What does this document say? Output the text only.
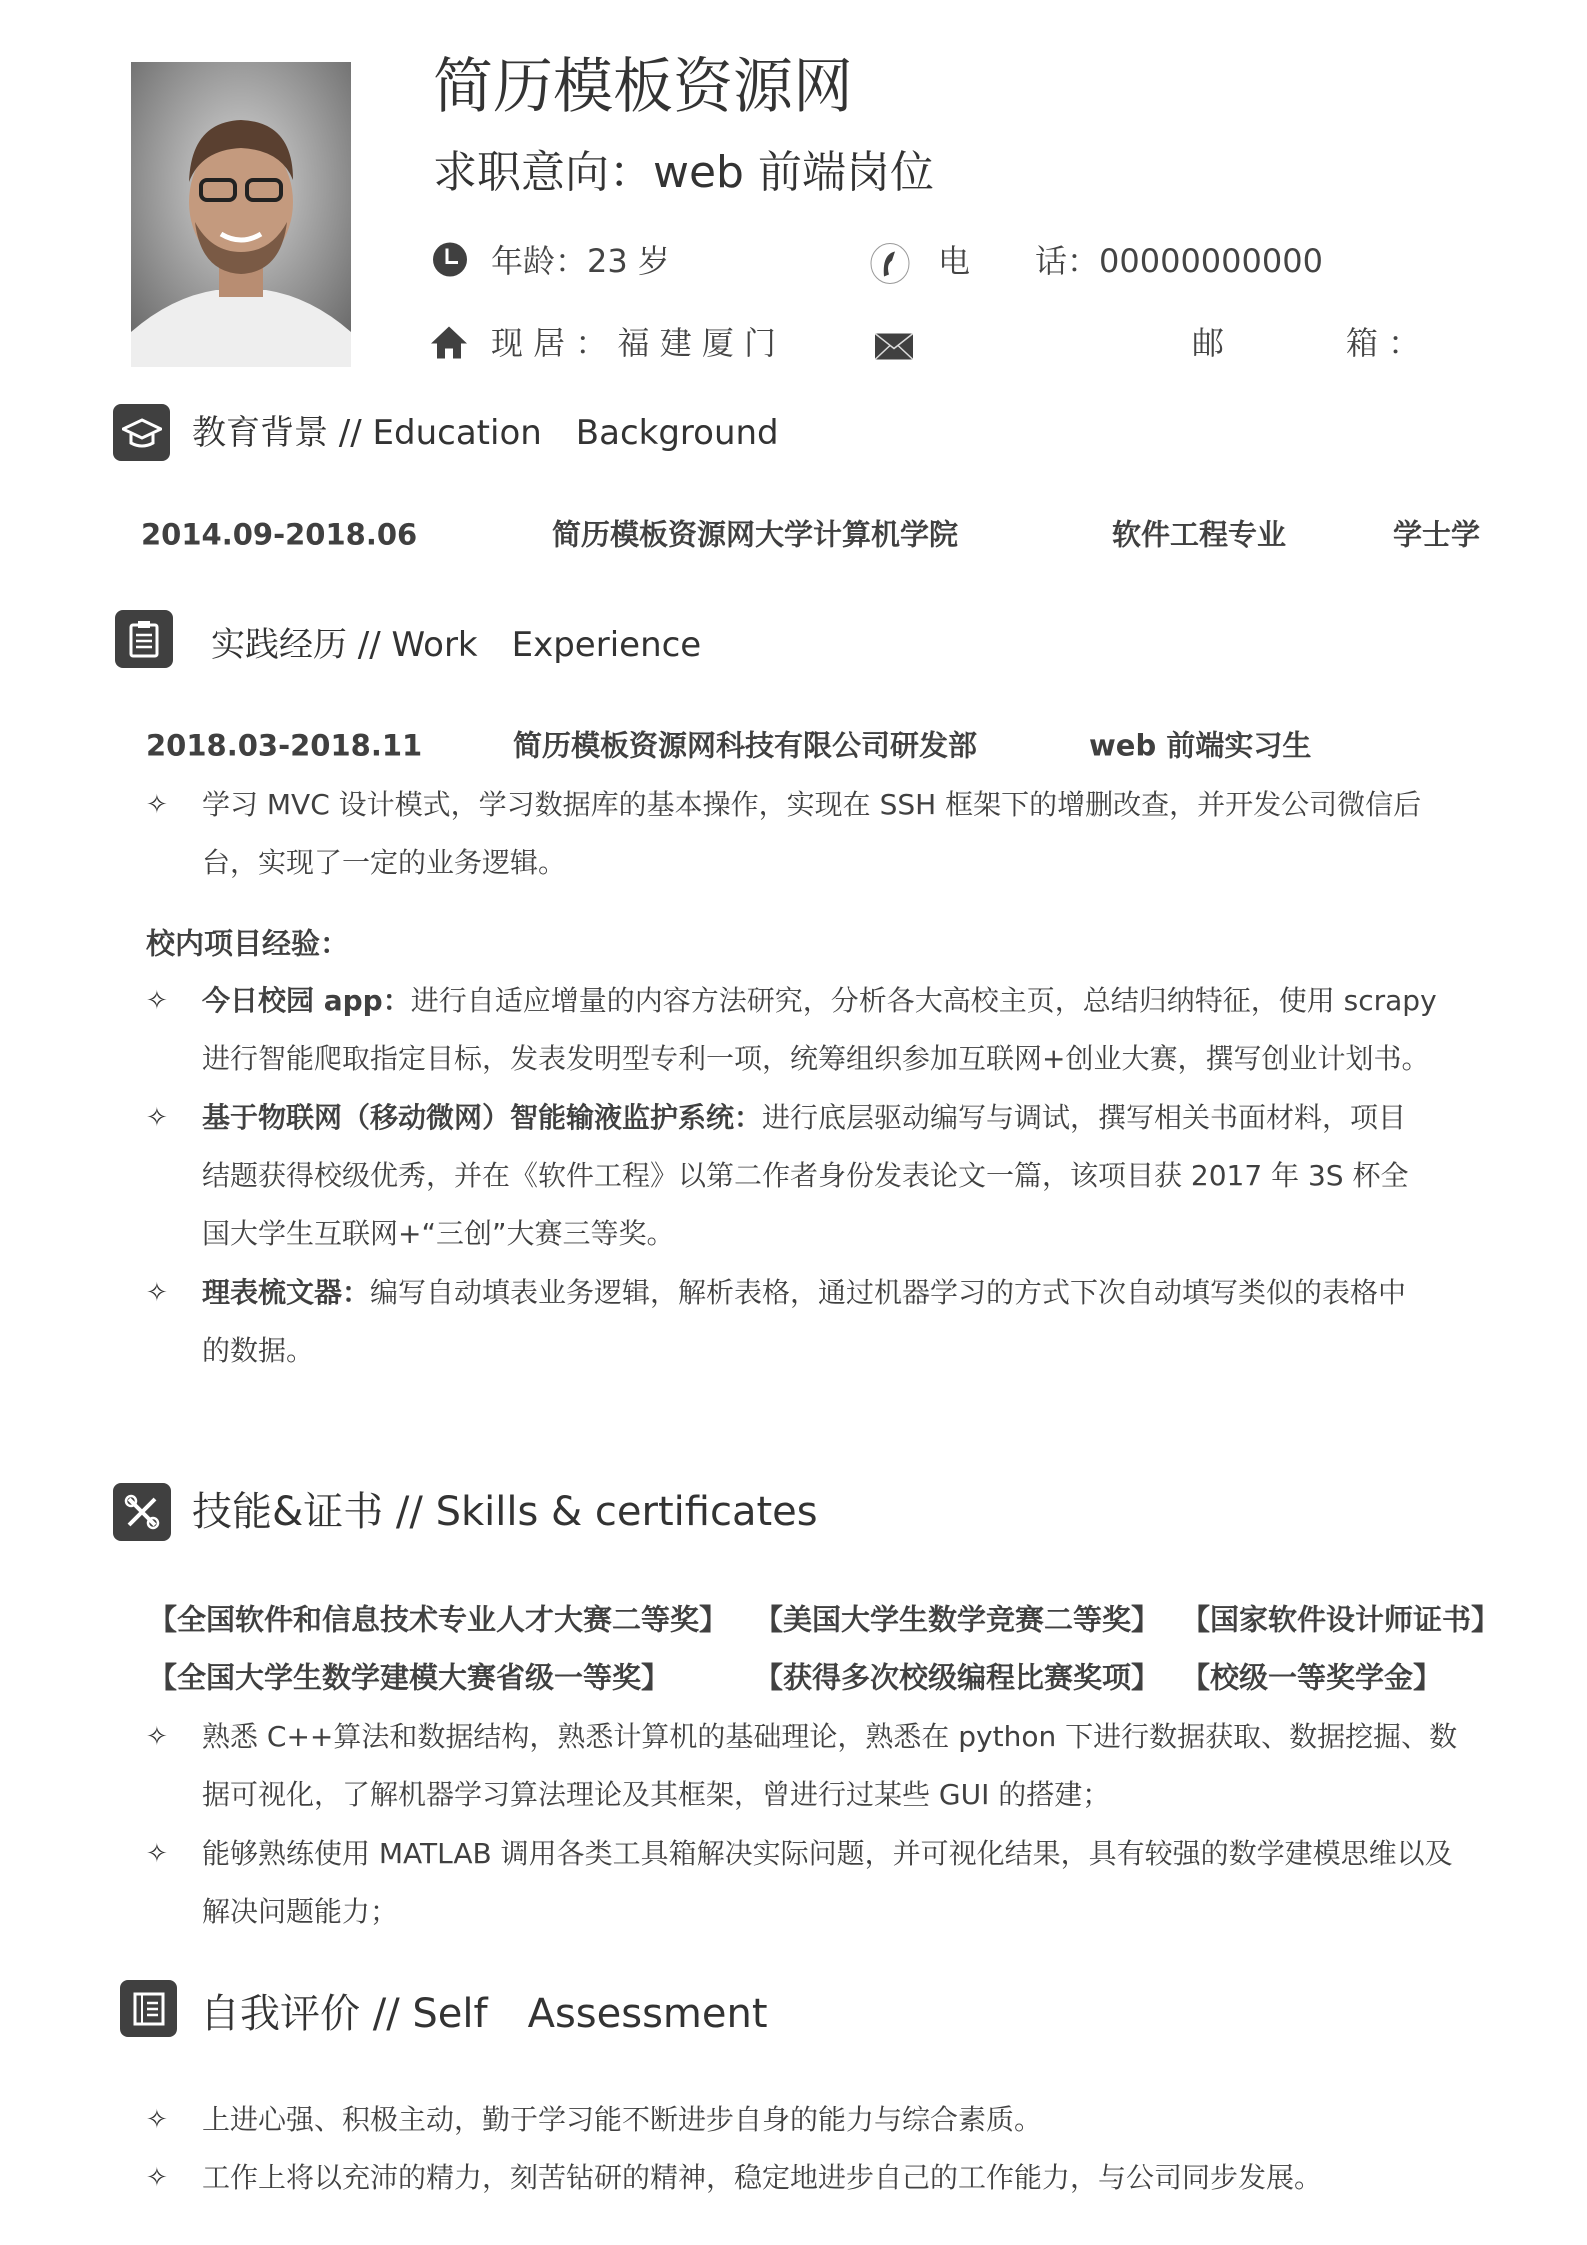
简历模板资源网
求职意向：web 前端岗位
年龄：23 岁	电 话：00000000000
现 居 ： 福 建 厦 门	邮	箱 ：
教育背景 // Education　Background
2014.09-2018.06	简历模板资源网大学计算机学院	软件工程专业	学士学
实践经历 // Work　Experience
2018.03-2018.11	简历模板资源网科技有限公司研发部	web 前端实习生
✧ 学习 MVC 设计模式，学习数据库的基本操作，实现在 SSH 框架下的增删改查，并开发公司微信后
台，实现了一定的业务逻辑。
校内项目经验：
✧ 今日校园 app：进行自适应增量的内容方法研究，分析各大高校主页，总结归纳特征，使用 scrapy
进行智能爬取指定目标，发表发明型专利一项，统筹组织参加互联网+创业大赛，撰写创业计划书。
✧ 基于物联网（移动微网）智能输液监护系统：进行底层驱动编写与调试，撰写相关书面材料，项目
结题获得校级优秀，并在《软件工程》以第二作者身份发表论文一篇，该项目获 2017 年 3S 杯全
国大学生互联网+“三创”大赛三等奖。
✧ 理表梳文器：编写自动填表业务逻辑，解析表格，通过机器学习的方式下次自动填写类似的表格中
的数据。
技能&证书 // Skills & certificates
【全国软件和信息技术专业人才大赛二等奖】 【美国大学生数学竞赛二等奖】 【国家软件设计师证书】
【全国大学生数学建模大赛省级一等奖】	【获得多次校级编程比赛奖项】 【校级一等奖学金】
✧ 熟悉 C++算法和数据结构，熟悉计算机的基础理论，熟悉在 python 下进行数据获取、数据挖掘、数
据可视化，了解机器学习算法理论及其框架，曾进行过某些 GUI 的搭建；
✧ 能够熟练使用 MATLAB 调用各类工具箱解决实际问题，并可视化结果，具有较强的数学建模思维以及
解决问题能力；
自我评价 // Self　Assessment
✧ 上进心强、积极主动，勤于学习能不断进步自身的能力与综合素质。
✧ 工作上将以充沛的精力，刻苦钻研的精神，稳定地进步自己的工作能力，与公司同步发展。
